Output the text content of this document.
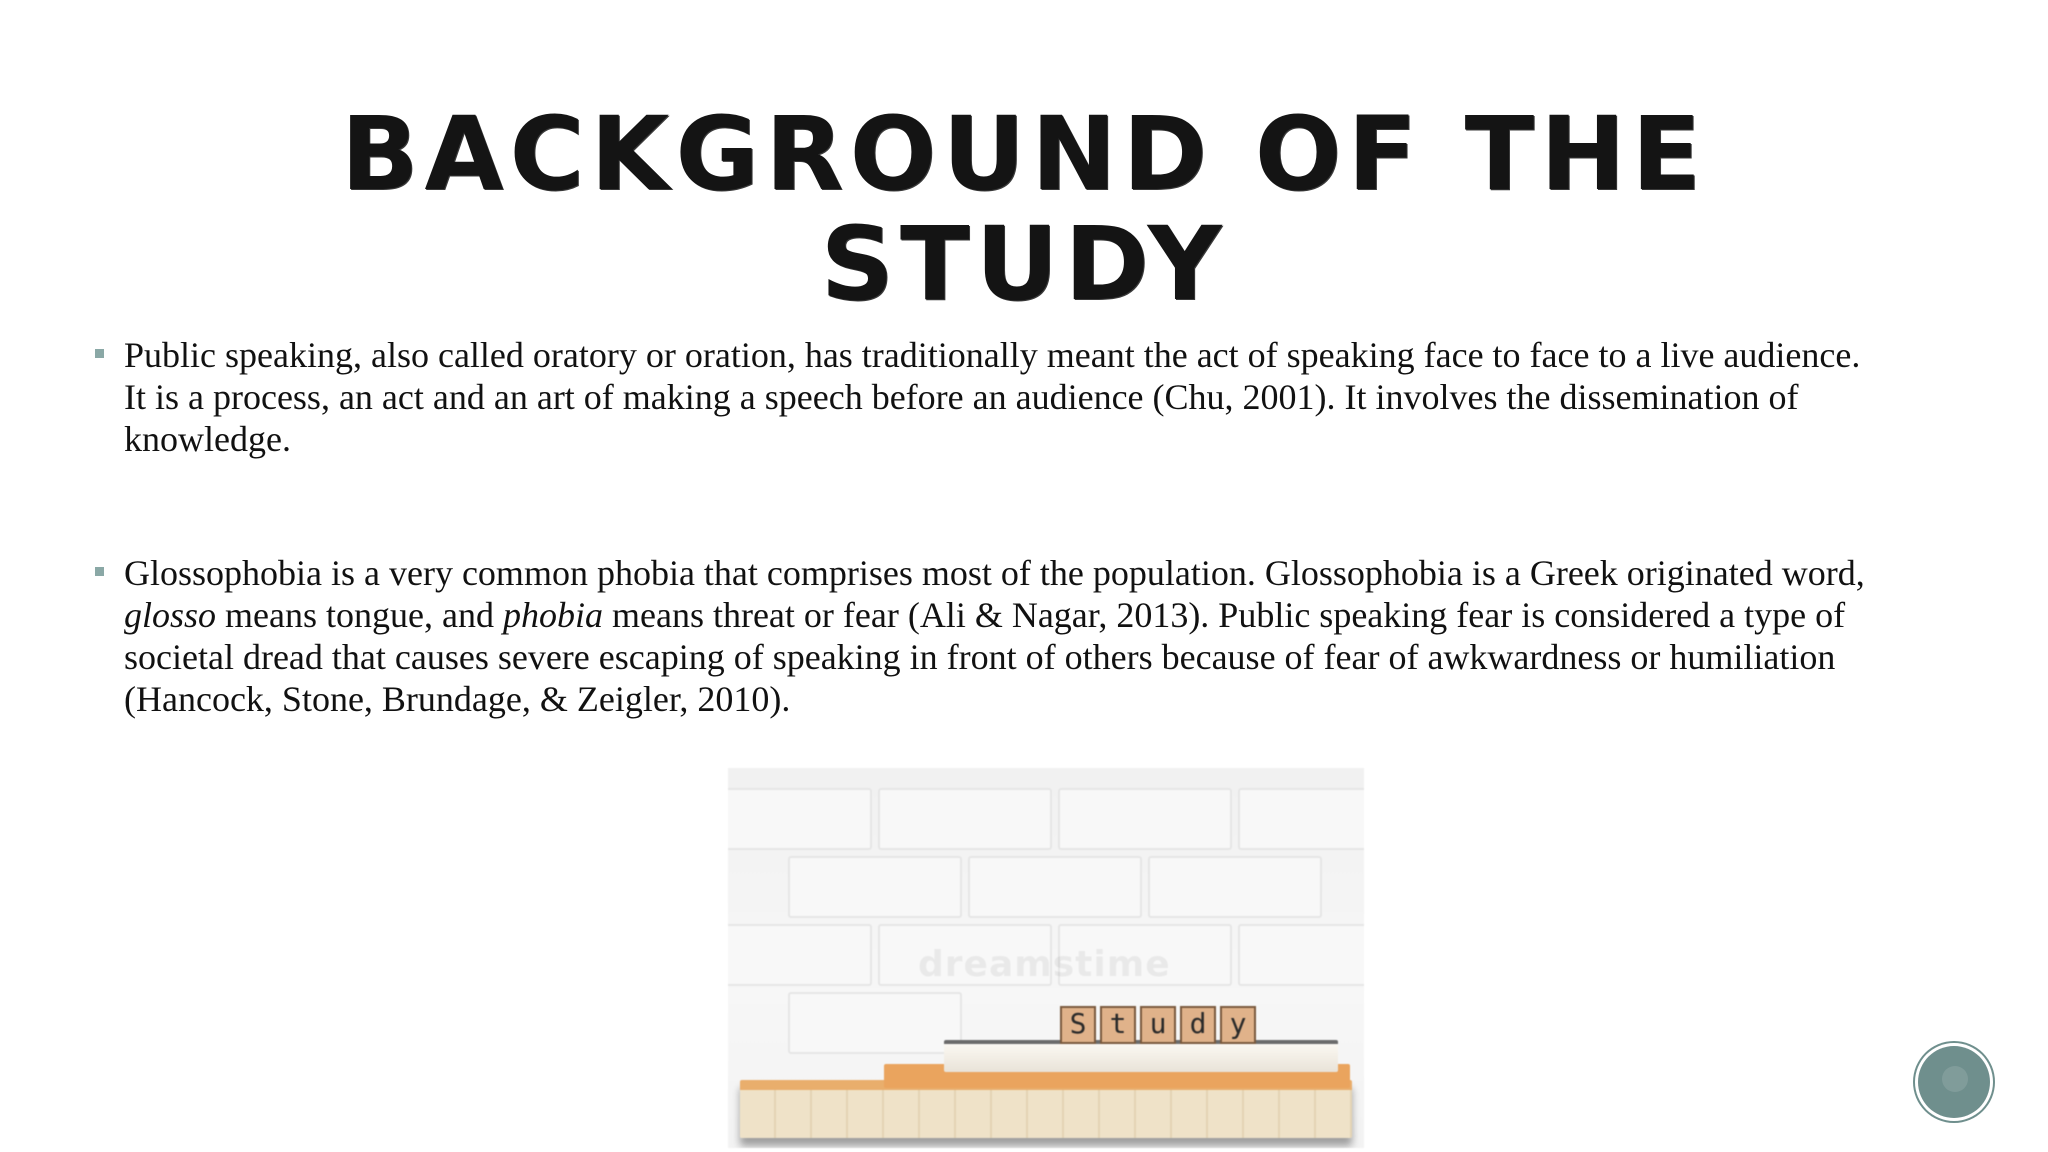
BACKGROUND OF THE
STUDY
Public speaking, also called oratory or oration, has traditionally meant the act of speaking face to face to a live audience. It is a process, an act and an art of making a speech before an audience (Chu, 2001). It involves the dissemination of knowledge.
Glossophobia is a very common phobia that comprises most of the population. Glossophobia is a Greek originated word, glosso means tongue, and phobia means threat or fear (Ali & Nagar, 2013). Public speaking fear is considered a type of societal dread that causes severe escaping of speaking in front of others because of fear of awkwardness or humiliation (Hancock, Stone, Brundage, & Zeigler, 2010).
dreamstime
S t u d y
